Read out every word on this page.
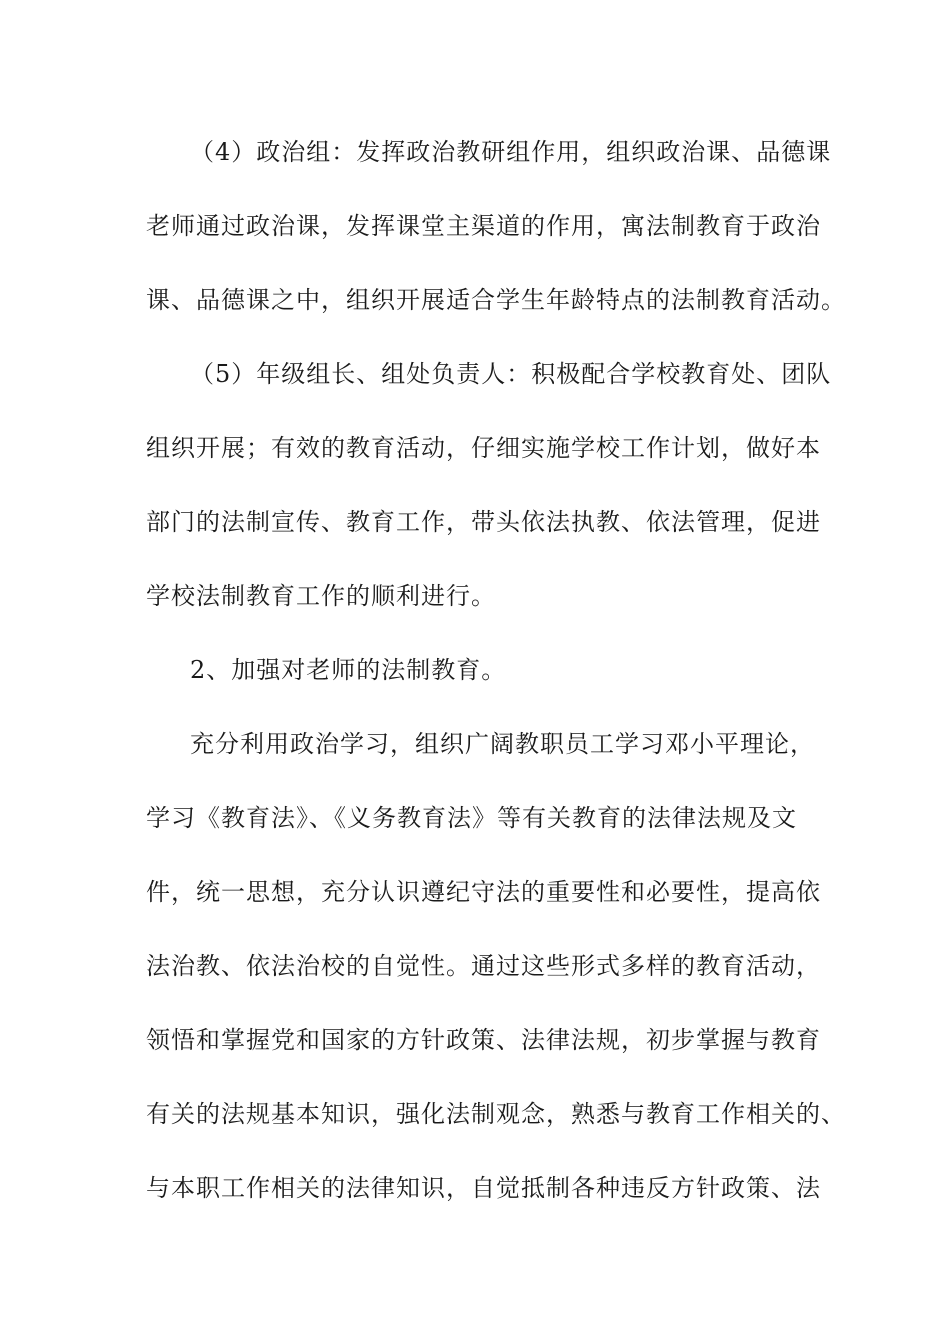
（4）政治组：发挥政治教研组作用，组织政治课、品德课
老师通过政治课，发挥课堂主渠道的作用，寓法制教育于政治
课、品德课之中，组织开展适合学生年龄特点的法制教育活动。
（5）年级组长、组处负责人：积极配合学校教育处、团队
组织开展；有效的教育活动，仔细实施学校工作计划，做好本
部门的法制宣传、教育工作，带头依法执教、依法管理，促进
学校法制教育工作的顺利进行。
2、加强对老师的法制教育。
充分利用政治学习，组织广阔教职员工学习邓小平理论，
学习《教育法》、《义务教育法》等有关教育的法律法规及文
件，统一思想，充分认识遵纪守法的重要性和必要性，提高依
法治教、依法治校的自觉性。通过这些形式多样的教育活动，
领悟和掌握党和国家的方针政策、法律法规，初步掌握与教育
有关的法规基本知识，强化法制观念，熟悉与教育工作相关的、
与本职工作相关的法律知识，自觉抵制各种违反方针政策、法
